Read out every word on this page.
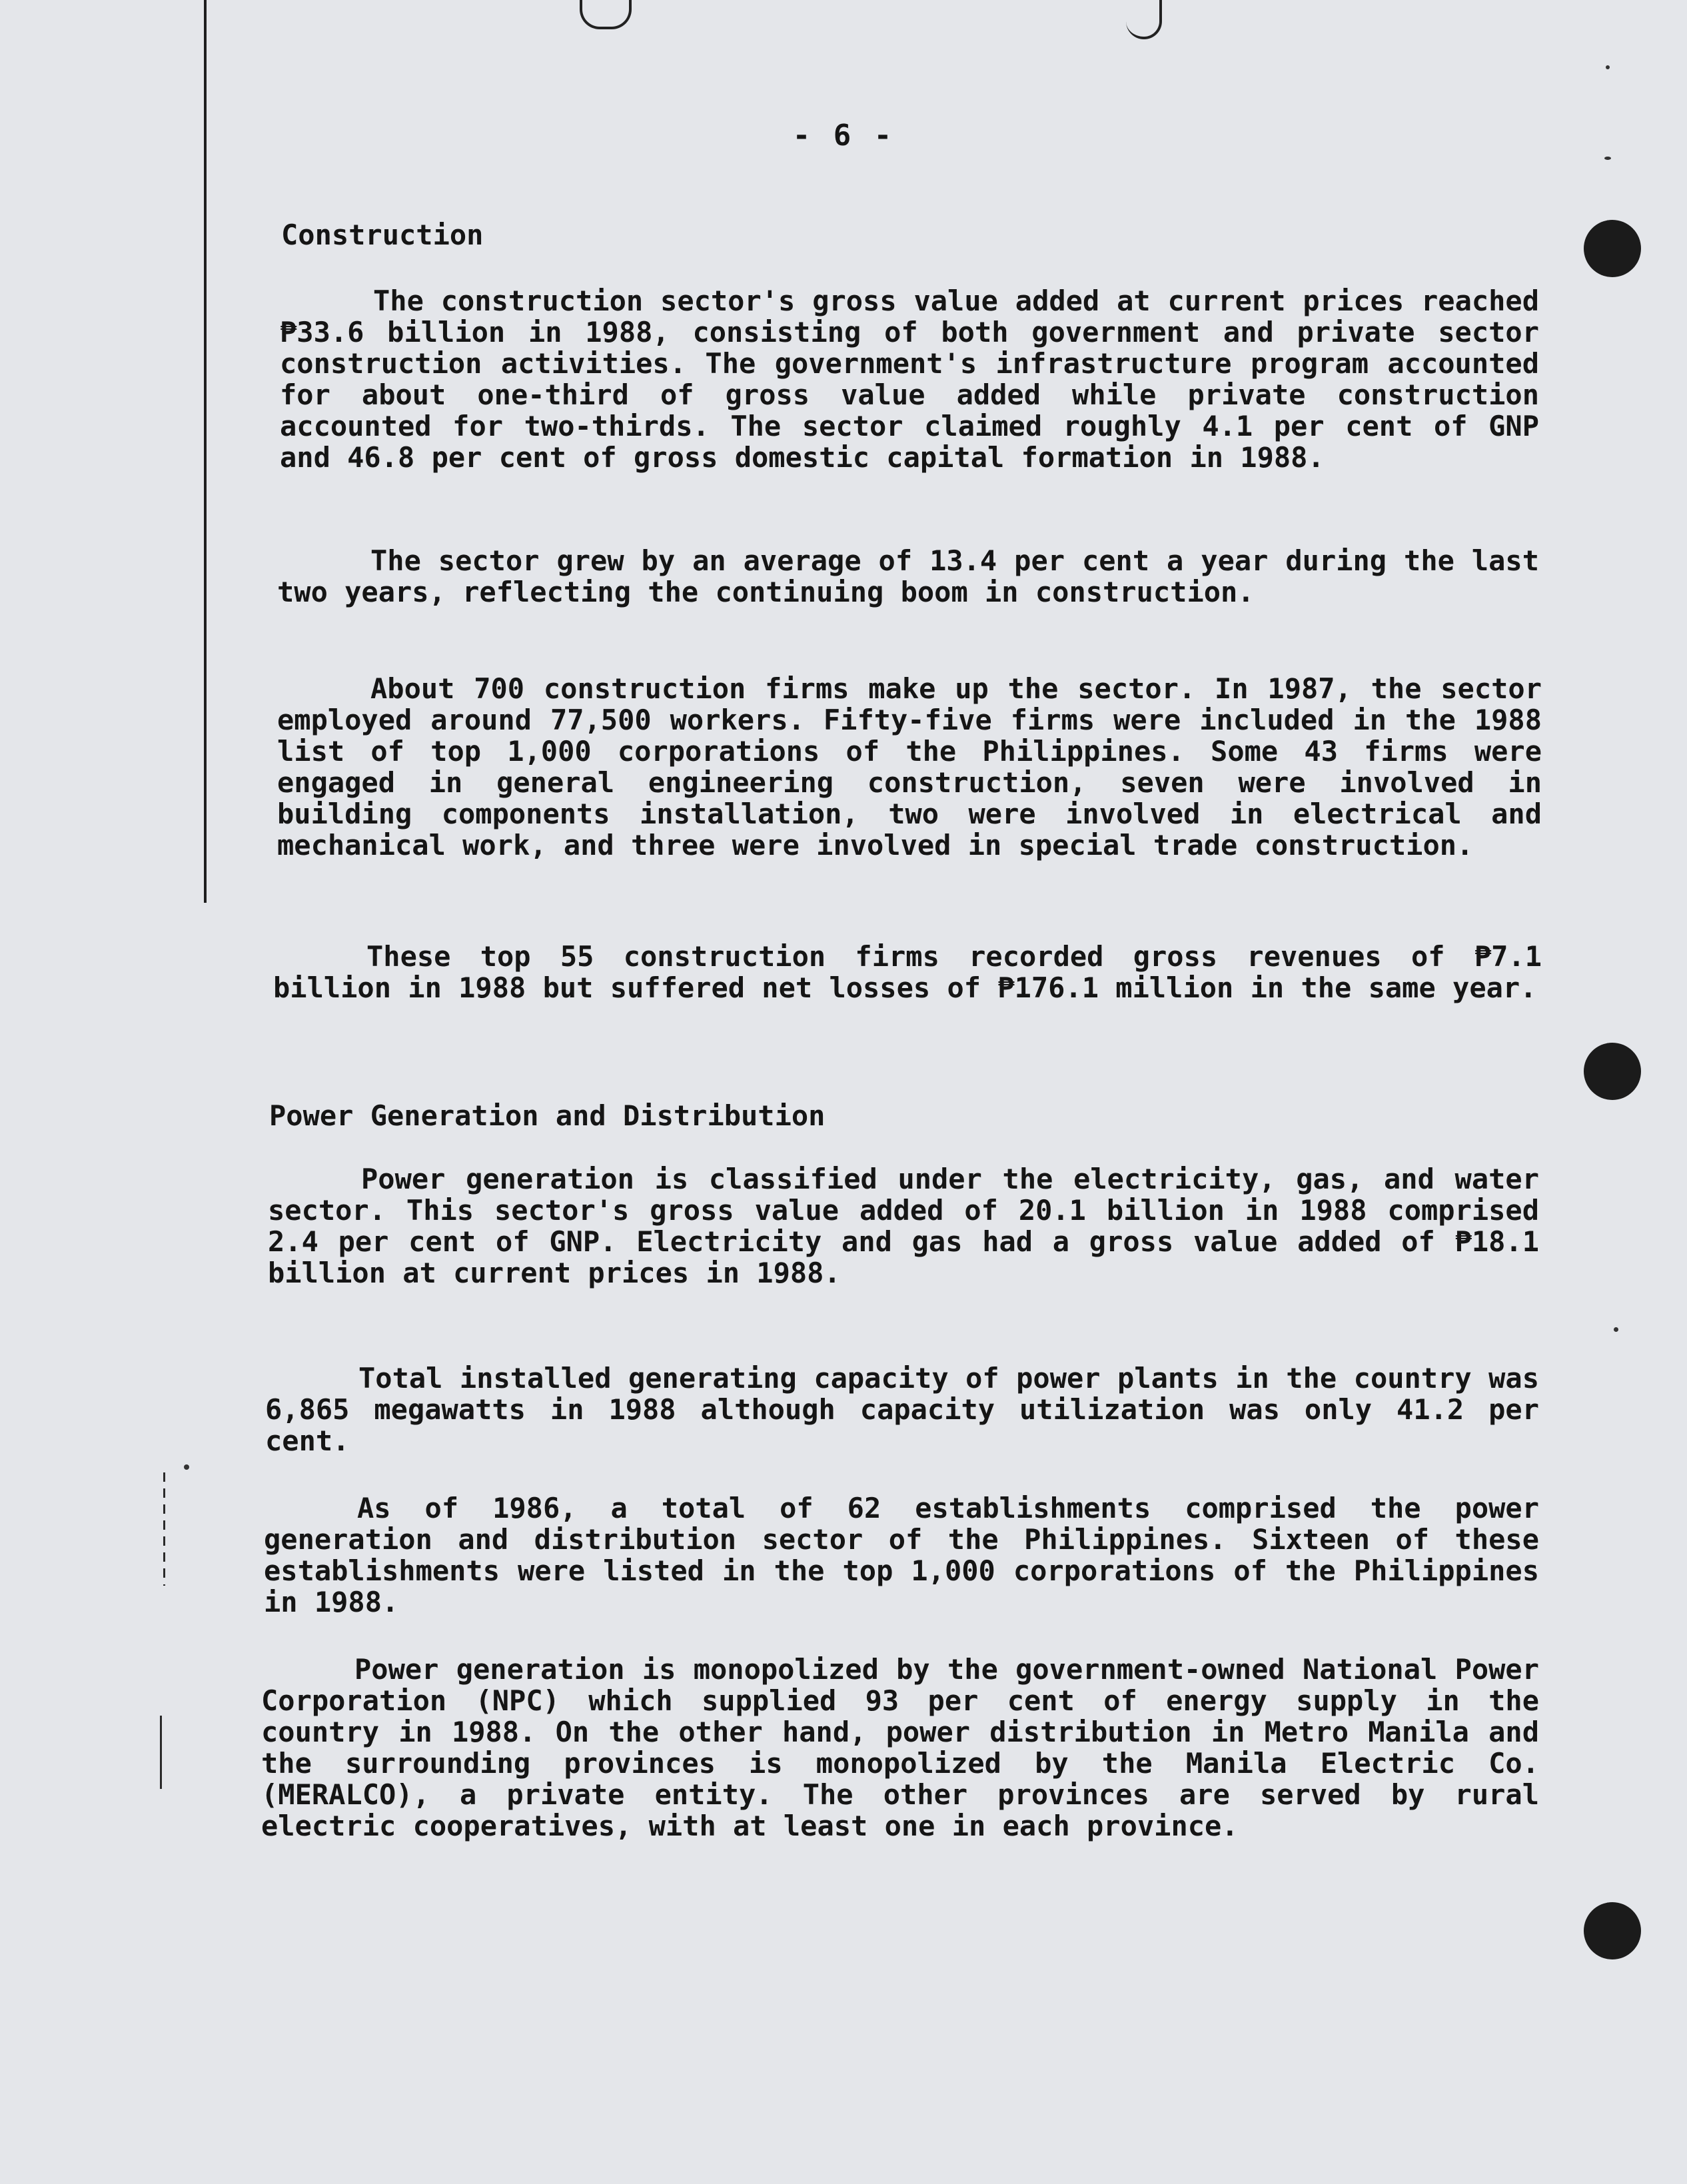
- 6 -
Construction
The construction sector's gross value added at current prices reached ₱33.6 billion in 1988, consisting of both government and private sector construction activities. The government's infrastructure program accounted for about one-third of gross value added while private construction accounted for two-thirds. The sector claimed roughly 4.1 per cent of GNP and 46.8 per cent of gross domestic capital formation in 1988.
The sector grew by an average of 13.4 per cent a year during the last two years, reflecting the continuing boom in construction.
About 700 construction firms make up the sector. In 1987, the sector employed around 77,500 workers. Fifty-five firms were included in the 1988 list of top 1,000 corporations of the Philippines. Some 43 firms were engaged in general engineering construction, seven were involved in building components installation, two were involved in electrical and mechanical work, and three were involved in special trade construction.
These top 55 construction firms recorded gross revenues of ₱7.1 billion in 1988 but suffered net losses of ₱176.1 million in the same year.
Power Generation and Distribution
Power generation is classified under the electricity, gas, and water sector. This sector's gross value added of 20.1 billion in 1988 comprised 2.4 per cent of GNP. Electricity and gas had a gross value added of ₱18.1 billion at current prices in 1988.
Total installed generating capacity of power plants in the country was 6,865 megawatts in 1988 although capacity utilization was only 41.2 per cent.
As of 1986, a total of 62 establishments comprised the power generation and distribution sector of the Philippines. Sixteen of these establishments were listed in the top 1,000 corporations of the Philippines in 1988.
Power generation is monopolized by the government-owned National Power Corporation (NPC) which supplied 93 per cent of energy supply in the country in 1988. On the other hand, power distribution in Metro Manila and the surrounding provinces is monopolized by the Manila Electric Co. (MERALCO), a private entity. The other provinces are served by rural electric cooperatives, with at least one in each province.
